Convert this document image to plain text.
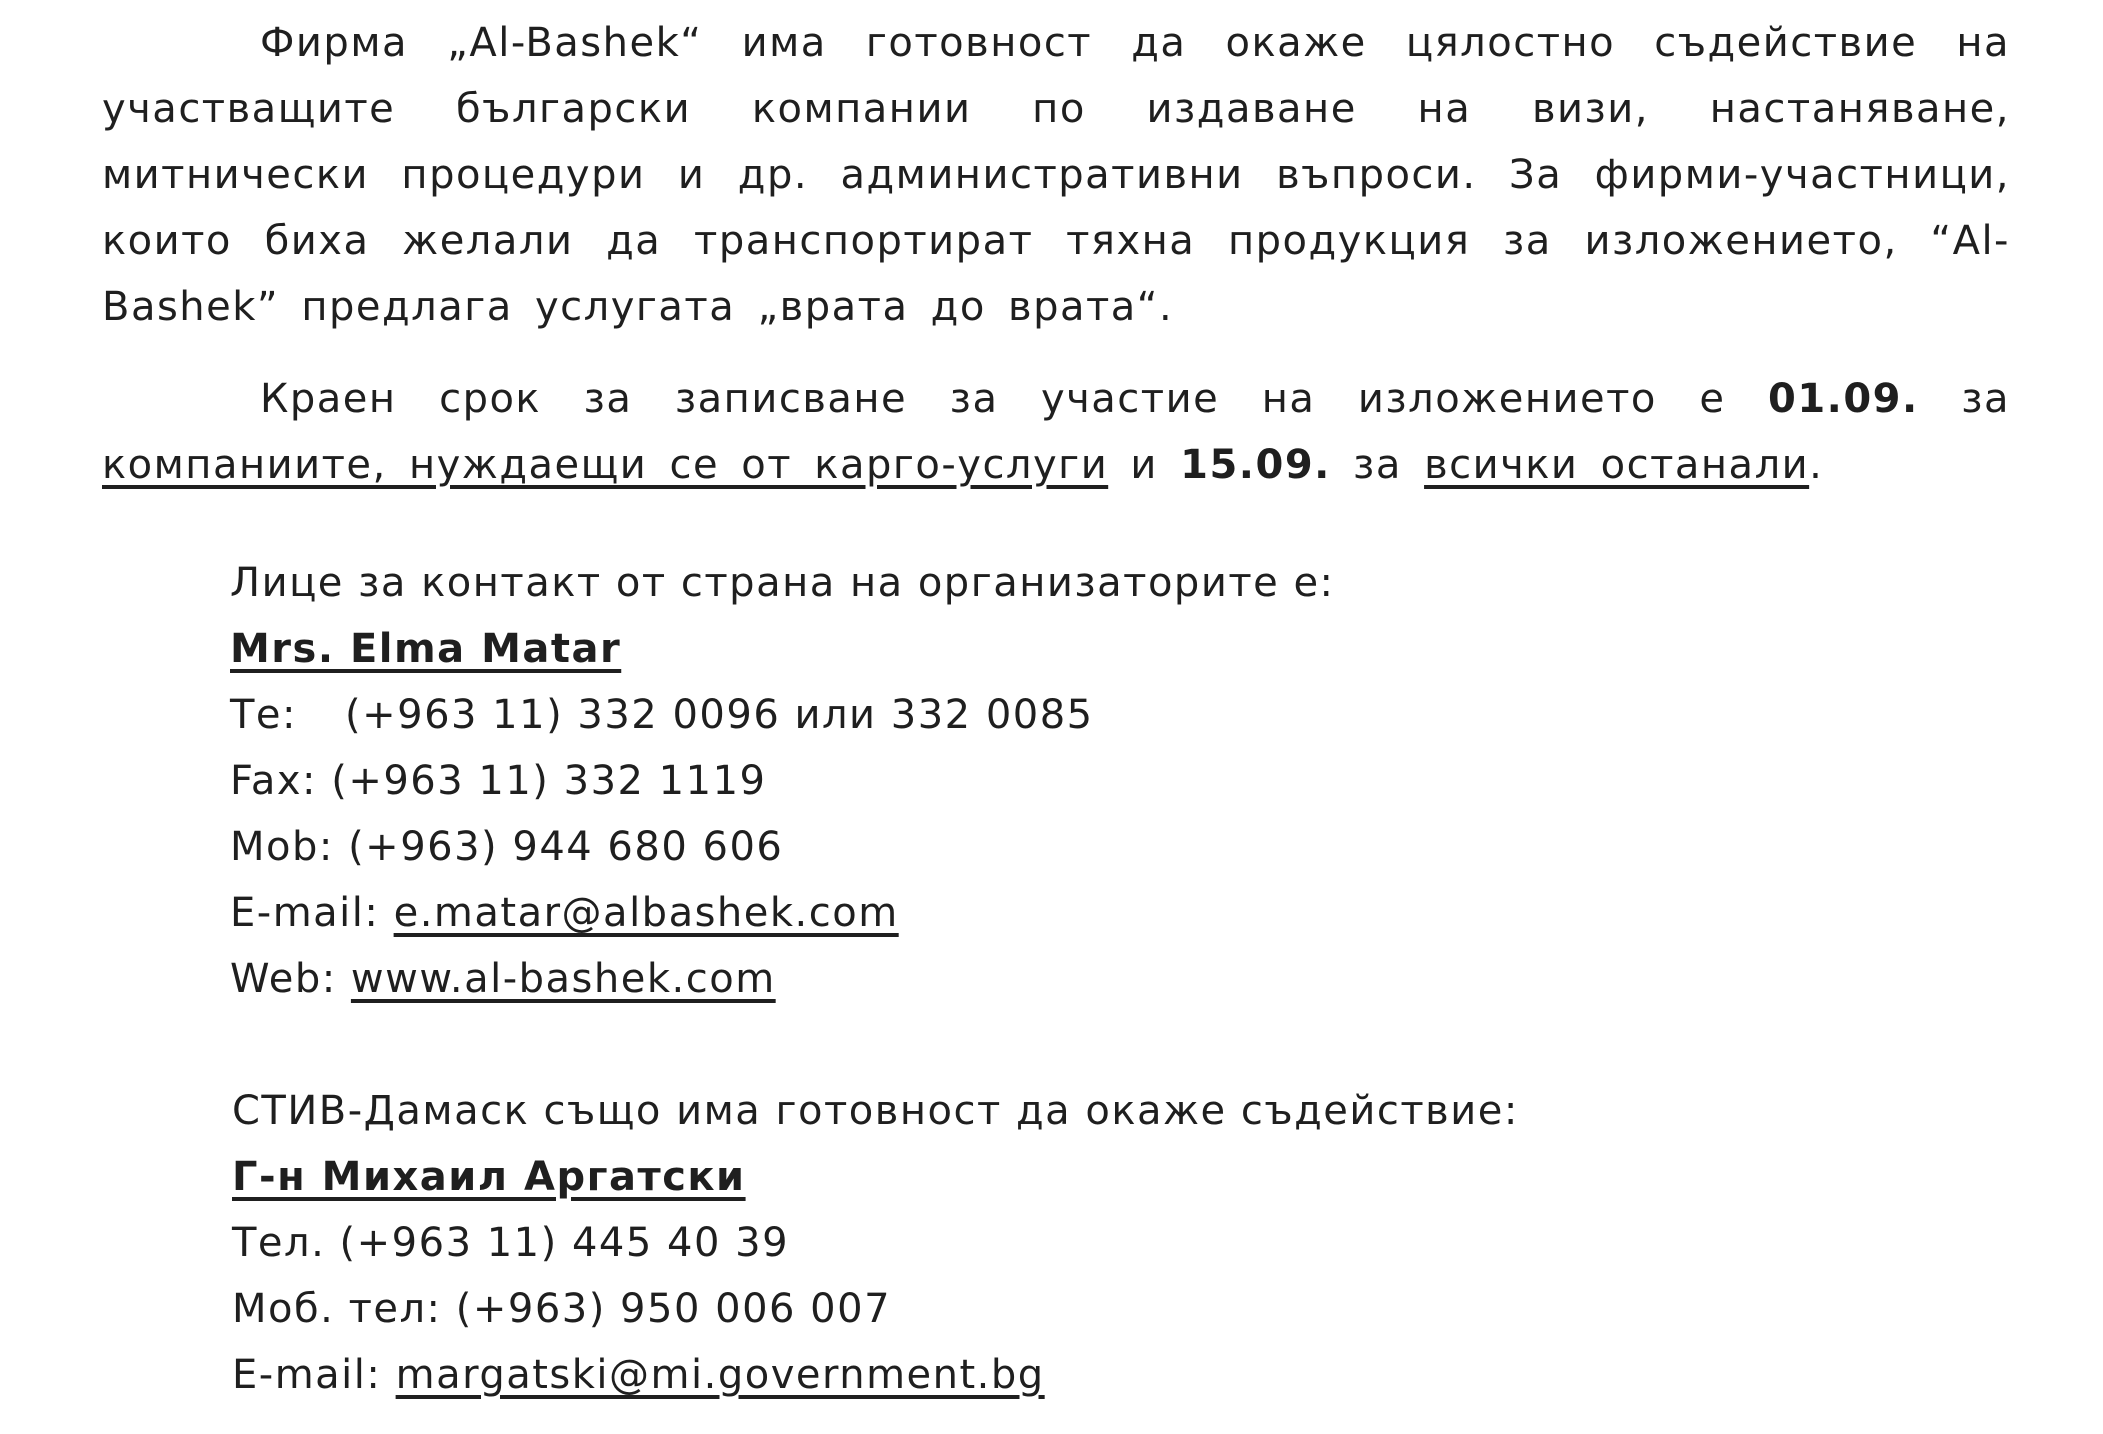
Фирма „Al-Bashek“ има готовност да окаже цялостно съдействие на участващите български компании по издаване на визи, настаняване, митнически процедури и др. административни въпроси. За фирми-участници, които биха желали да транспортират тяхна продукция за изложението, “Al-Bashek” предлага услугата „врата до врата“.

Краен срок за записване за участие на изложението е 01.09. за компаниите, нуждаещи се от карго-услуги и 15.09. за всички останали.

Лице за контакт от страна на организаторите е:
Mrs. Elma Matar
Те: (+963 11) 332 0096 или 332 0085
Fax: (+963 11) 332 1119
Mob: (+963) 944 680 606
E-mail: e.matar@albashek.com
Web: www.al-bashek.com
СТИВ-Дамаск също има готовност да окаже съдействие:
Г-н Михаил Аргатски
Тел. (+963 11) 445 40 39
Моб. тел: (+963) 950 006 007
E-mail: margatski@mi.government.bg
